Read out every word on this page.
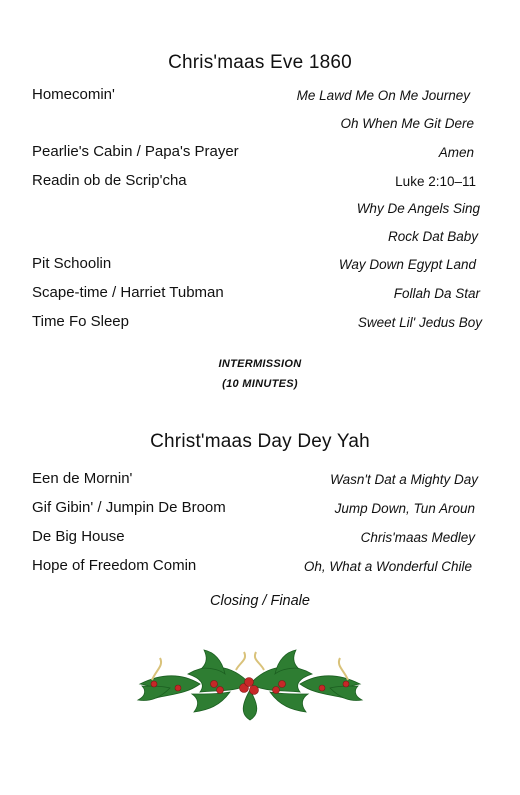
Chris'maas Eve 1860
Homecomin'	Me Lawd Me On Me Journey
Oh When Me Git Dere
Pearlie's Cabin / Papa's Prayer	Amen
Readin ob de Scrip'cha	Luke 2:10–11
Why De Angels Sing
Rock Dat Baby
Pit Schoolin	Way Down Egypt Land
Scape-time / Harriet Tubman	Follah Da Star
Time Fo Sleep	Sweet Lil' Jedus Boy
INTERMISSION
(10 MINUTES)
Christ'maas Day Dey Yah
Een de Mornin'	Wasn't Dat a Mighty Day
Gif Gibin' / Jumpin De Broom	Jump Down, Tun Aroun
De Big House	Chris'maas Medley
Hope of Freedom Comin	Oh, What a Wonderful Chile
Closing / Finale
